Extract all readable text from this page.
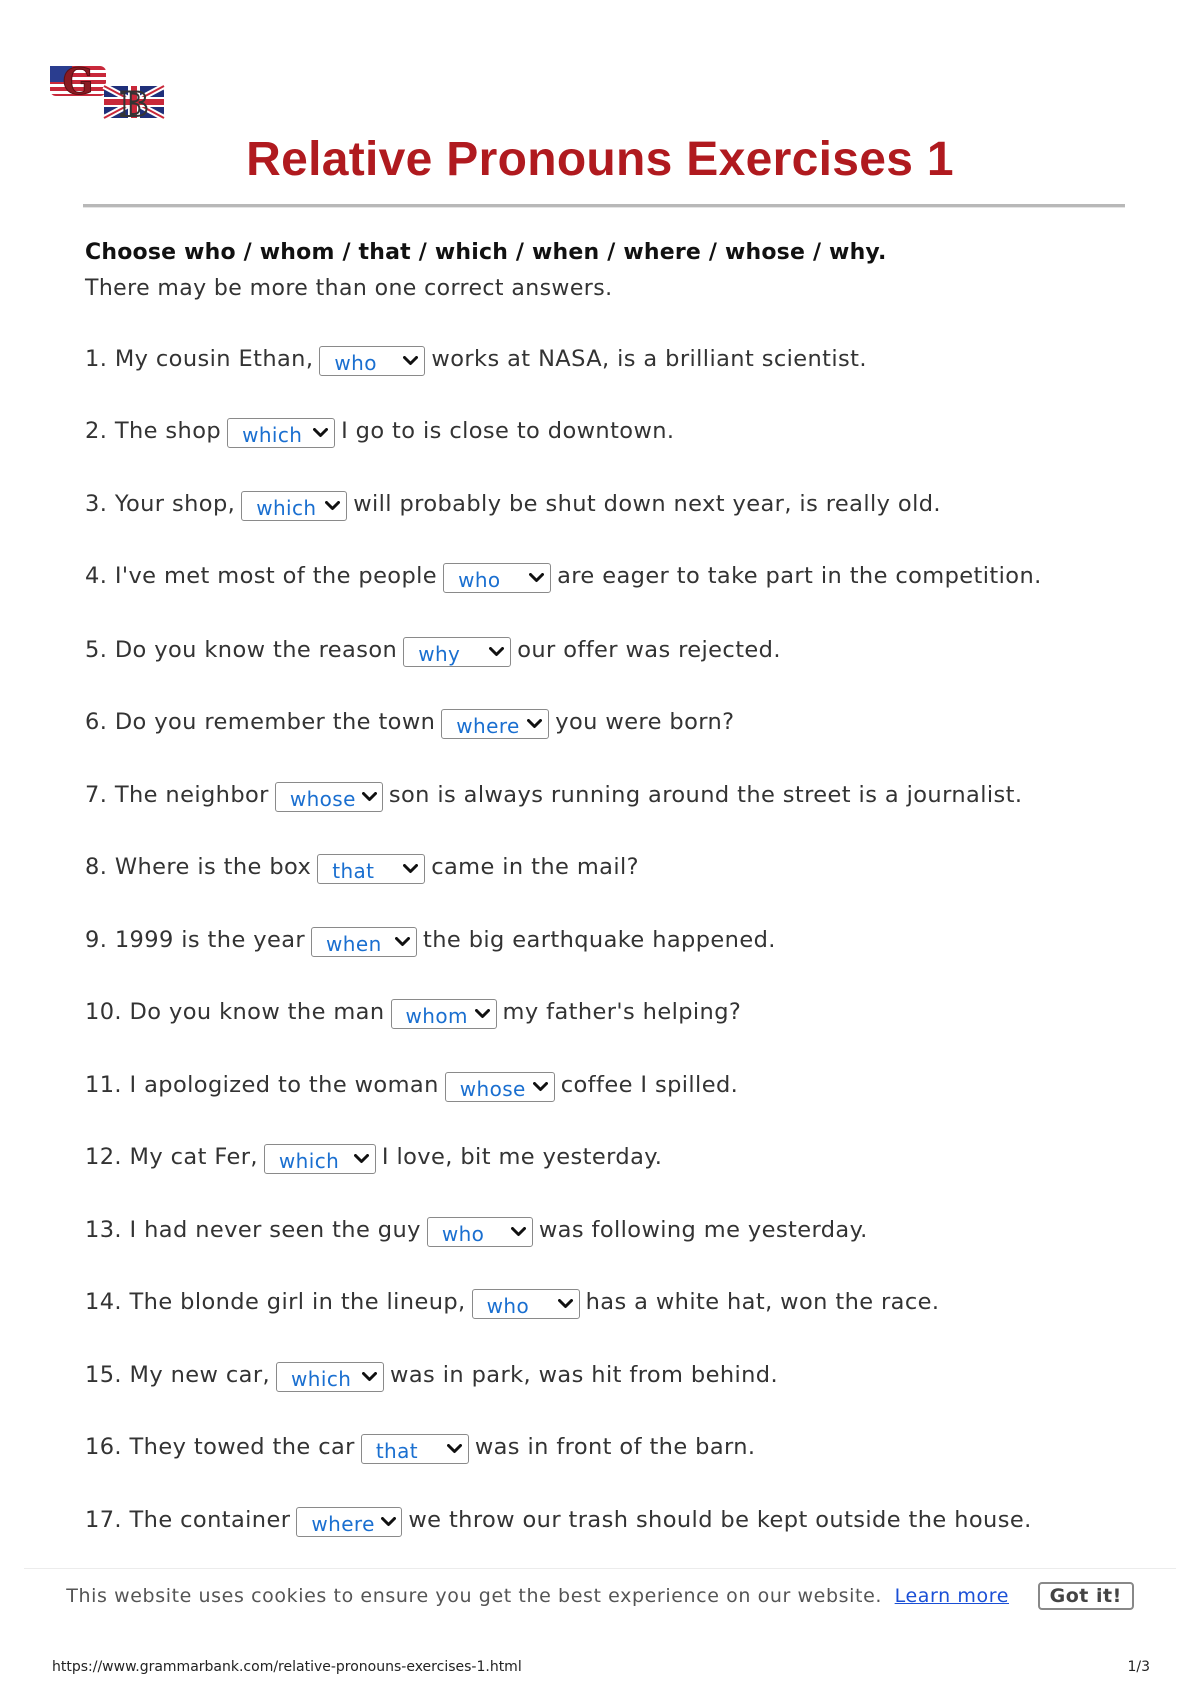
G
B
Relative Pronouns Exercises 1
Choose who / whom / that / which / when / where / whose / why.
There may be more than one correct answers.
1. My cousin Ethan, who works at NASA, is a brilliant scientist.
2. The shop which I go to is close to downtown.
3. Your shop, which will probably be shut down next year, is really old.
4. I've met most of the people who	are eager to take part in the competition.
5. Do you know the reason why	our offer was rejected.
6. Do you remember the town where you were born?
7. The neighbor whose son is always running around the street is a journalist.
8. Where is the box that	came in the mail?
9. 1999 is the year when the big earthquake happened.
10. Do you know the man whom my father's helping?
11. I apologized to the woman whose coffee I spilled.
12. My cat Fer, which I love, bit me yesterday.
13. I had never seen the guy who was following me yesterday.
14. The blonde girl in the lineup, who	has a white hat, won the race.
15. My new car, which was in park, was hit from behind.
16. They towed the car that	was in front of the barn.
17. The container where we throw our trash should be kept outside the house.
This website uses cookies to ensure you get the best experience on our website. Learn more Got it!
https://www.grammarbank.com/relative-pronouns-exercises-1.html	1/3
